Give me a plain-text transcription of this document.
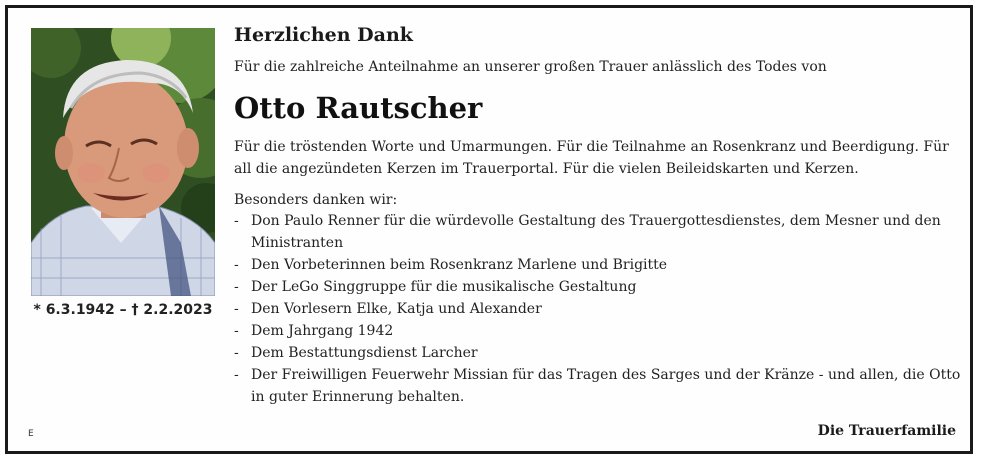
* 6.3.1942 – † 2.2.2023
Herzlichen Dank
Für die zahlreiche Anteilnahme an unserer großen Trauer anlässlich des Todes von
Otto Rautscher
Für die tröstenden Worte und Umarmungen. Für die Teilnahme an Rosenkranz und Beerdigung. Für all die angezündeten Kerzen im Trauerportal. Für die vielen Beileidskarten und Kerzen.
Besonders danken wir:
- Don Paulo Renner für die würdevolle Gestaltung des Trauergottesdienstes, dem Mesner und den Ministranten
- Den Vorbeterinnen beim Rosenkranz Marlene und Brigitte
- Der LeGo Singgruppe für die musikalische Gestaltung
- Den Vorlesern Elke, Katja und Alexander
- Dem Jahrgang 1942
- Dem Bestattungsdienst Larcher
- Der Freiwilligen Feuerwehr Missian für das Tragen des Sarges und der Kränze - und allen, die Otto in guter Erinnerung behalten.
E	Die Trauerfamilie
